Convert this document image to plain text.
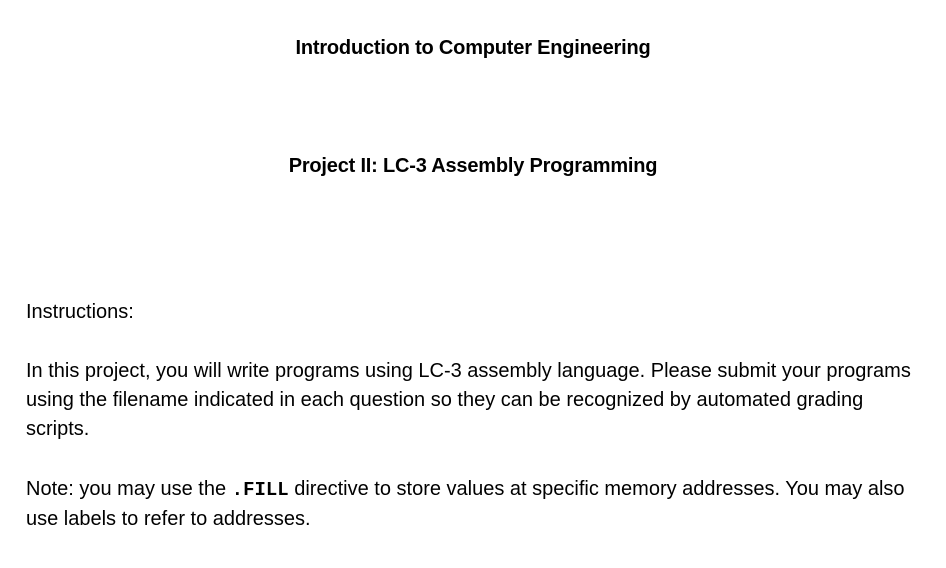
Introduction to Computer Engineering
Project II: LC-3 Assembly Programming

Instructions:

In this project, you will write programs using LC-3 assembly language. Please submit your programs using the filename indicated in each question so they can be recognized by automated grading scripts.

Note: you may use the .FILL directive to store values at specific memory addresses. You may also use labels to refer to addresses.
